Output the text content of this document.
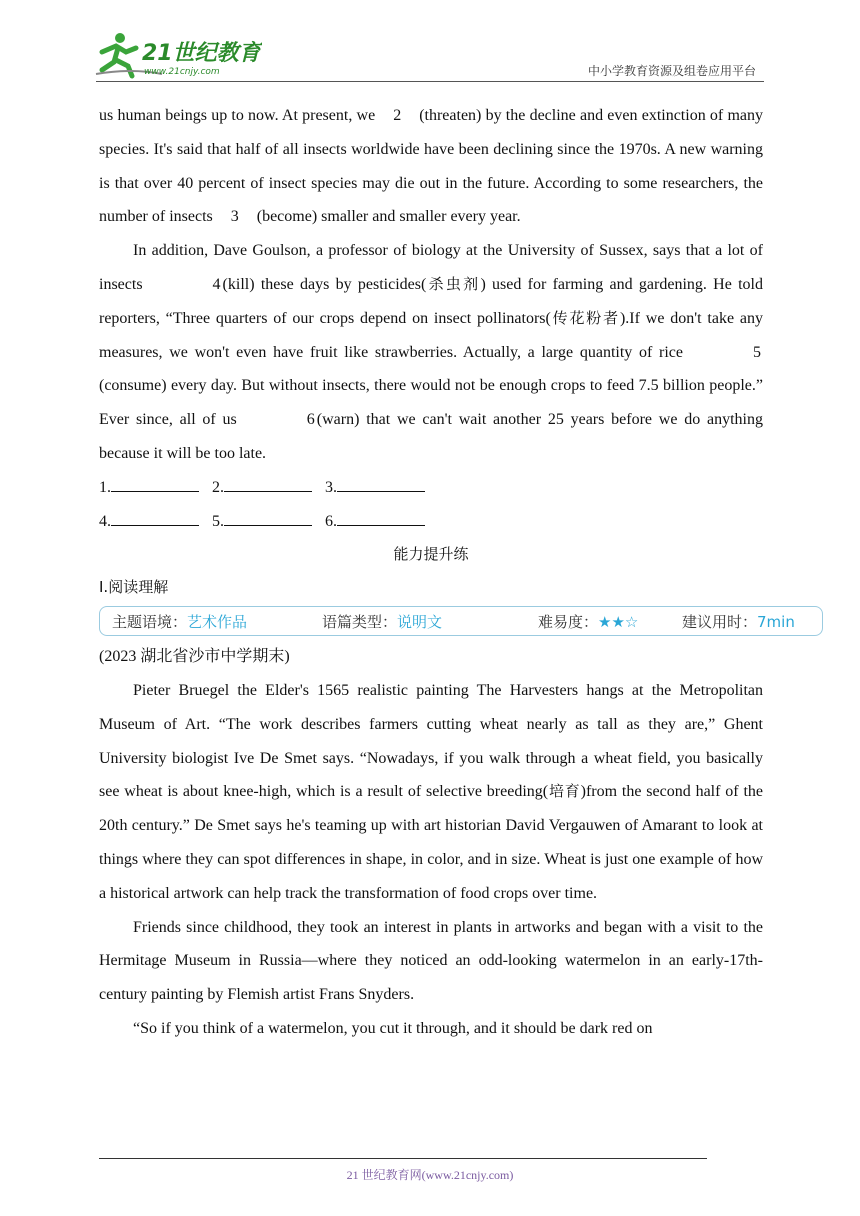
21世纪教育
www.21cnjy.com	中小学教育资源及组卷应用平台

us human beings up to now. At present, we 2 (threaten) by the decline and even extinction of many species. It's said that half of all insects worldwide have been declining since the 1970s. A new warning is that over 40 percent of insect species may die out in the future. According to some researchers, the number of insects 3 (become) smaller and smaller every year.

In addition, Dave Goulson, a professor of biology at the University of Sussex, says that a lot of insects	4 (kill) these days by pesticides(杀虫剂) used for farming and gardening. He told reporters, “Three quarters of our crops depend on insect pollinators(传花粉者).If we don't take any measures, we won't even have fruit like strawberries. Actually, a large quantity of rice	5(consume) every day. But without insects, there would not be enough crops to feed 7.5 billion people.” Ever since, all of us	6 (warn) that we can't wait another 25 years before we do anything because it will be too late.

1.	2.	3.

4.	5.	6.

能力提升练

Ⅰ.阅读理解

主题语境：艺术作品	语篇类型：说明文	难易度：★★☆	建议用时：7min

(2023 湖北省沙市中学期末)

Pieter Bruegel the Elder's 1565 realistic painting The Harvesters hangs at the Metropolitan Museum of Art. “The work describes farmers cutting wheat nearly as tall as they are,” Ghent University biologist Ive De Smet says. “Nowadays, if you walk through a wheat field, you basically see wheat is about knee-high, which is a result of selective breeding(培育)from the second half of the 20th century.” De Smet says he's teaming up with art historian David Vergauwen of Amarant to look at things where they can spot differences in shape, in color, and in size. Wheat is just one example of how a historical artwork can help track the transformation of food crops over time.

Friends since childhood, they took an interest in plants in artworks and began with a visit to the Hermitage Museum in Russia—where they noticed an odd-looking watermelon in an early-17th-century painting by Flemish artist Frans Snyders.

“So if you think of a watermelon, you cut it through, and it should be dark red on

21 世纪教育网(www.21cnjy.com)
